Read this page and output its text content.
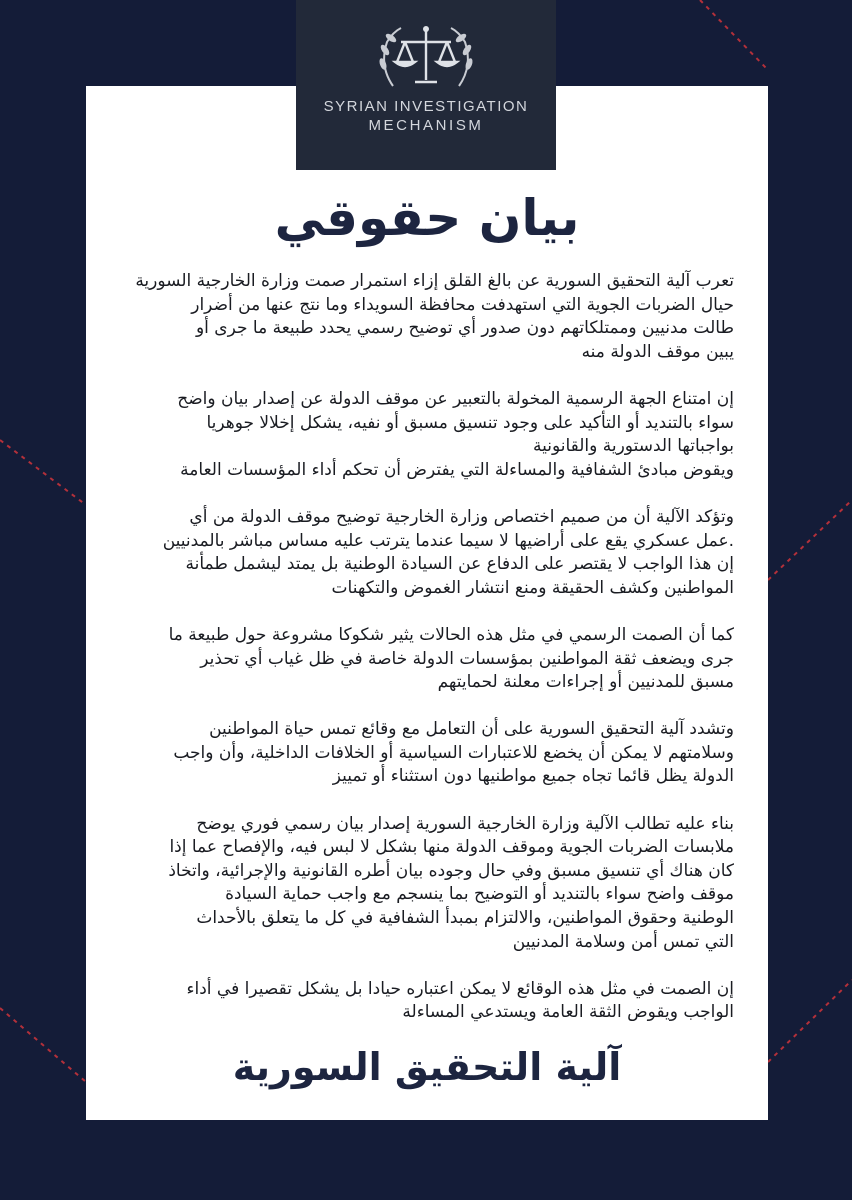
SYRIAN INVESTIGATION
MECHANISM
بيان حقوقي
تعرب آلية التحقيق السورية عن بالغ القلق إزاء استمرار صمت وزارة الخارجية السورية
حيال الضربات الجوية التي استهدفت محافظة السويداء وما نتج عنها من أضرار
طالت مدنيين وممتلكاتهم دون صدور أي توضيح رسمي يحدد طبيعة ما جرى أو
يبين موقف الدولة منه
إن امتناع الجهة الرسمية المخولة بالتعبير عن موقف الدولة عن إصدار بيان واضح
سواء بالتنديد أو التأكيد على وجود تنسيق مسبق أو نفيه، يشكل إخلالا جوهريا
بواجباتها الدستورية والقانونية
ويقوض مبادئ الشفافية والمساءلة التي يفترض أن تحكم أداء المؤسسات العامة
وتؤكد الآلية أن من صميم اختصاص وزارة الخارجية توضيح موقف الدولة من أي
.عمل عسكري يقع على أراضيها لا سيما عندما يترتب عليه مساس مباشر بالمدنيين
إن هذا الواجب لا يقتصر على الدفاع عن السيادة الوطنية بل يمتد ليشمل طمأنة
المواطنين وكشف الحقيقة ومنع انتشار الغموض والتكهنات
كما أن الصمت الرسمي في مثل هذه الحالات يثير شكوكا مشروعة حول طبيعة ما
جرى ويضعف ثقة المواطنين بمؤسسات الدولة خاصة في ظل غياب أي تحذير
مسبق للمدنيين أو إجراءات معلنة لحمايتهم
وتشدد آلية التحقيق السورية على أن التعامل مع وقائع تمس حياة المواطنين
وسلامتهم لا يمكن أن يخضع للاعتبارات السياسية أو الخلافات الداخلية، وأن واجب
الدولة يظل قائما تجاه جميع مواطنيها دون استثناء أو تمييز
بناء عليه تطالب الآلية وزارة الخارجية السورية إصدار بيان رسمي فوري يوضح
ملابسات الضربات الجوية وموقف الدولة منها بشكل لا لبس فيه، والإفصاح عما إذا
كان هناك أي تنسيق مسبق وفي حال وجوده بيان أطره القانونية والإجرائية، واتخاذ
موقف واضح سواء بالتنديد أو التوضيح بما ينسجم مع واجب حماية السيادة
الوطنية وحقوق المواطنين، والالتزام بمبدأ الشفافية في كل ما يتعلق بالأحداث
التي تمس أمن وسلامة المدنيين
إن الصمت في مثل هذه الوقائع لا يمكن اعتباره حيادا بل يشكل تقصيرا في أداء
الواجب ويقوض الثقة العامة ويستدعي المساءلة
آلية التحقيق السورية
